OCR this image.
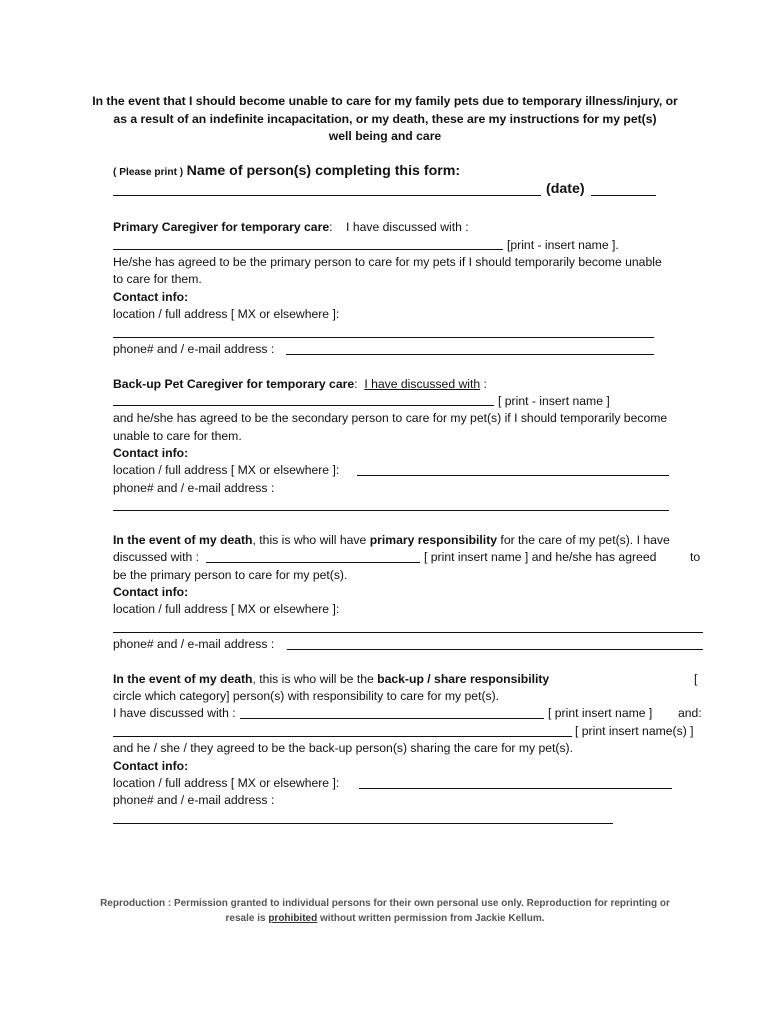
In the event that I should become unable to care for my family pets due to temporary illness/injury, or
as a result of an indefinite incapacitation, or my death, these are my instructions for my pet(s)
well being and care
( Please print ) Name of person(s) completing this form:
(date)
Primary Caregiver for temporary care: I have discussed with :
[print - insert name ].
He/she has agreed to be the primary person to care for my pets if I should temporarily become unable
to care for them.
Contact info:
location / full address [ MX or elsewhere ]:
phone# and / e-mail address :
Back-up Pet Caregiver for temporary care: I have discussed with :
[ print - insert name ]
and he/she has agreed to be the secondary person to care for my pet(s) if I should temporarily become
unable to care for them.
Contact info:
location / full address [ MX or elsewhere ]:
phone# and / e-mail address :
In the event of my death, this is who will have primary responsibility for the care of my pet(s). I have
discussed with :	[ print insert name ] and he/she has agreed	to
be the primary person to care for my pet(s).
Contact info:
location / full address [ MX or elsewhere ]:
phone# and / e-mail address :
In the event of my death, this is who will be the back-up / share responsibility	[
circle which category] person(s) with responsibility to care for my pet(s).
I have discussed with :	[ print insert name ] and:
[ print insert name(s) ]
and he / she / they agreed to be the back-up person(s) sharing the care for my pet(s).
Contact info:
location / full address [ MX or elsewhere ]:
phone# and / e-mail address :
Reproduction : Permission granted to individual persons for their own personal use only. Reproduction for reprinting or
resale is prohibited without written permission from Jackie Kellum.
